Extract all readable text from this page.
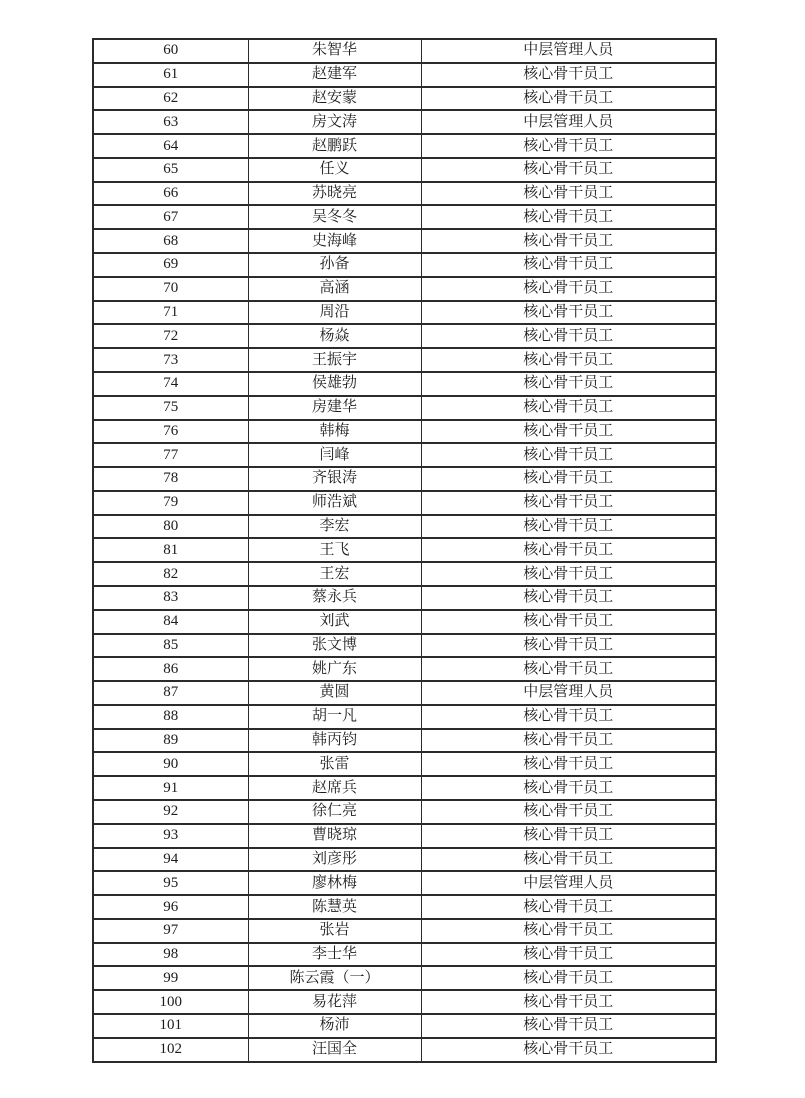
60	朱智华	中层管理人员
61	赵建军	核心骨干员工
62	赵安蒙	核心骨干员工
63	房文涛	中层管理人员
64	赵鹏跃	核心骨干员工
65	任义	核心骨干员工
66	苏晓亮	核心骨干员工
67	吴冬冬	核心骨干员工
68	史海峰	核心骨干员工
69	孙备	核心骨干员工
70	高涵	核心骨干员工
71	周沿	核心骨干员工
72	杨焱	核心骨干员工
73	王振宇	核心骨干员工
74	侯雄勃	核心骨干员工
75	房建华	核心骨干员工
76	韩梅	核心骨干员工
77	闫峰	核心骨干员工
78	齐银涛	核心骨干员工
79	师浩斌	核心骨干员工
80	李宏	核心骨干员工
81	王飞	核心骨干员工
82	王宏	核心骨干员工
83	蔡永兵	核心骨干员工
84	刘武	核心骨干员工
85	张文博	核心骨干员工
86	姚广东	核心骨干员工
87	黄圆	中层管理人员
88	胡一凡	核心骨干员工
89	韩丙钧	核心骨干员工
90	张雷	核心骨干员工
91	赵席兵	核心骨干员工
92	徐仁亮	核心骨干员工
93	曹晓琼	核心骨干员工
94	刘彦彤	核心骨干员工
95	廖林梅	中层管理人员
96	陈慧英	核心骨干员工
97	张岩	核心骨干员工
98	李士华	核心骨干员工
99	陈云霞（一）	核心骨干员工
100	易花萍	核心骨干员工
101	杨沛	核心骨干员工
102	汪国全	核心骨干员工
